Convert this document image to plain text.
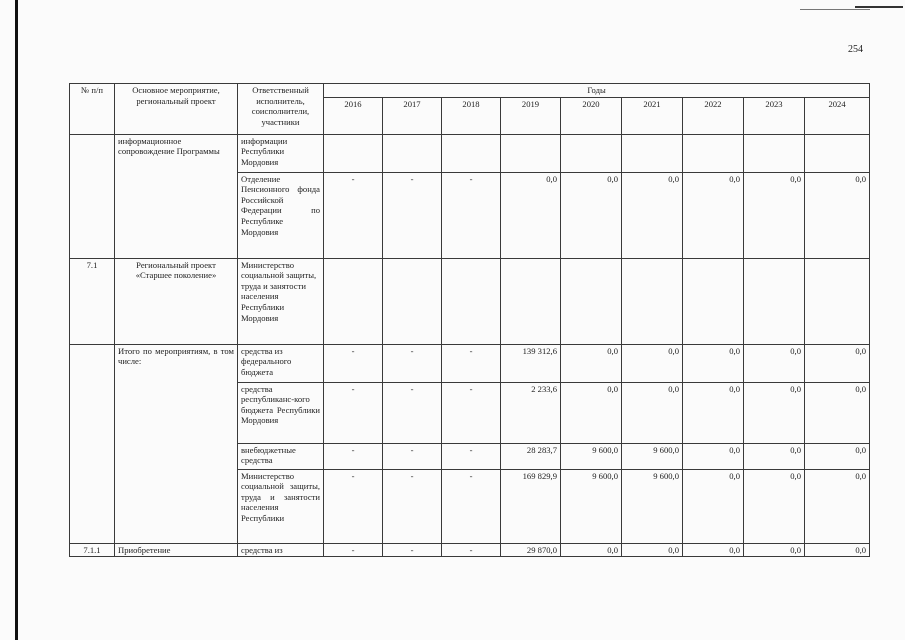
254
№ п/п	Основное мероприятие, региональный проект	Ответственный исполнитель, соисполнители, участники	Годы								
			2016	2017	2018	2019	2020	2021	2022	2023	2024
	информационное сопровождение Программы	информации Республики Мордовия									
		Отделение Пенсионного фонда Российской Федерации по Республике Мордовия	-	-	-	0,0	0,0	0,0	0,0	0,0	0,0
7.1	Региональный проект «Старшее поколение»	Министерство социальной защиты, труда и занятости населения Республики Мордовия									
	Итого по мероприятиям, в том числе:	средства из федерального бюджета	-	-	-	139 312,6	0,0	0,0	0,0	0,0	0,0
		средства республиканс-кого бюджета Республики Мордовия	-	-	-	2 233,6	0,0	0,0	0,0	0,0	0,0
		внебюджетные средства	-	-	-	28 283,7	9 600,0	9 600,0	0,0	0,0	0,0
		Министерство социальной защиты, труда и занятости населения Республики	-	-	-	169 829,9	9 600,0	9 600,0	0,0	0,0	0,0
7.1.1	Приобретение	средства из	-	-	-	29 870,0	0,0	0,0	0,0	0,0	0,0
